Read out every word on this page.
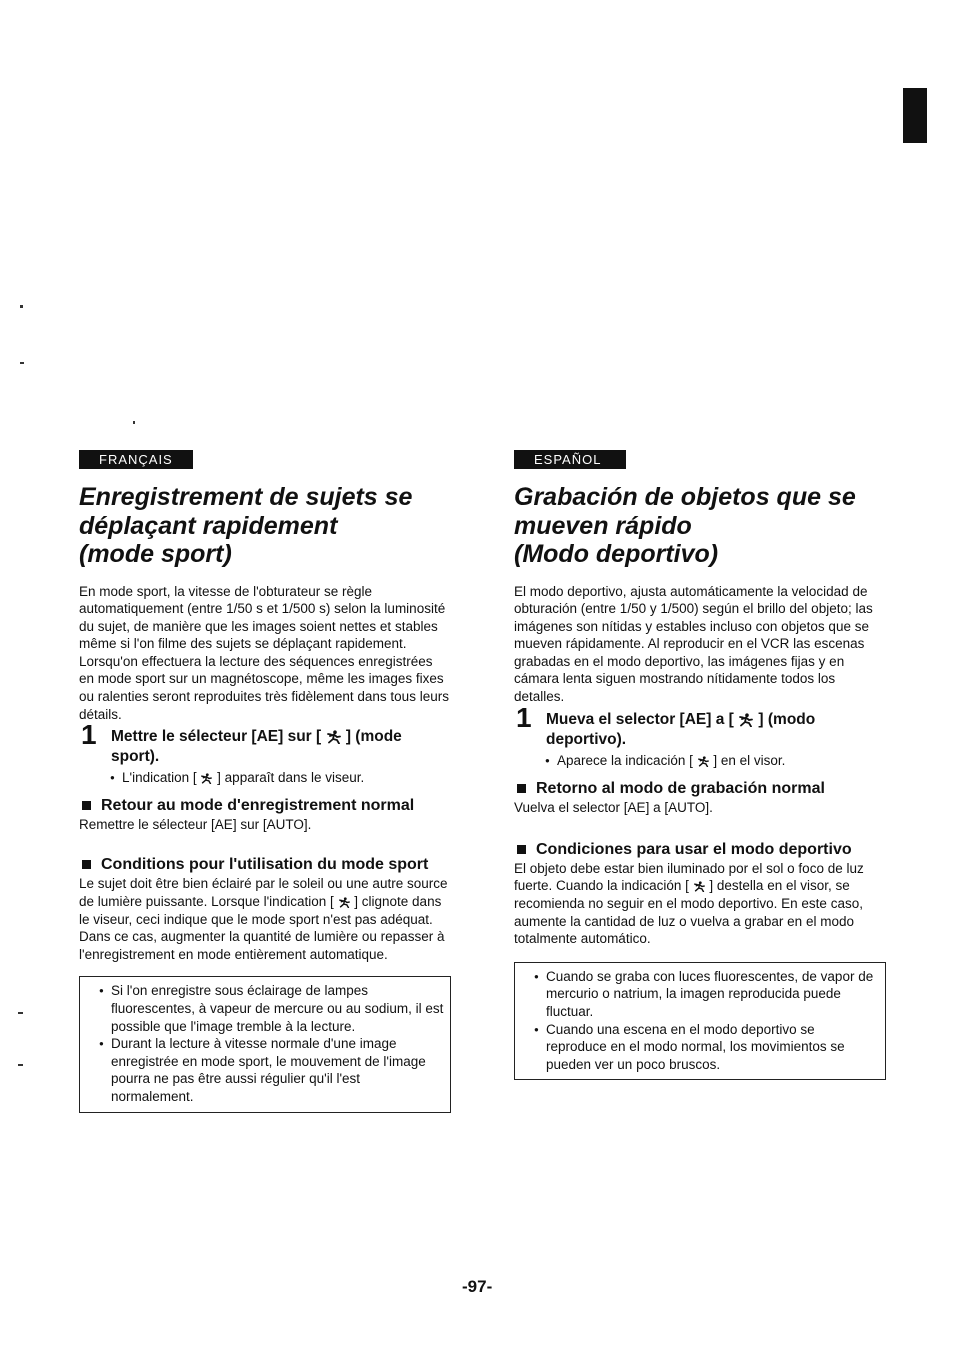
FRANÇAIS
Enregistrement de sujets se
déplaçant rapidement
(mode sport)

En mode sport, la vitesse de l'obturateur se règle automatiquement (entre 1/50 s et 1/500 s) selon la luminosité du sujet, de manière que les images soient nettes et stables même si l'on filme des sujets se déplaçant rapidement. Lorsqu'on effectuera la lecture des séquences enregistrées en mode sport sur un magnétoscope, même les images fixes ou ralenties seront reproduites très fidèlement dans tous leurs détails.

1 Mettre le sélecteur [AE] sur [ ] (mode sport).
● L'indication [ ] apparaît dans le viseur.
Retour au mode d'enregistrement normal

Remettre le sélecteur [AE] sur [AUTO].

Conditions pour l'utilisation du mode sport

Le sujet doit être bien éclairé par le soleil ou une autre source de lumière puissante. Lorsque l'indication [ ] clignote dans le viseur, ceci indique que le mode sport n'est pas adéquat. Dans ce cas, augmenter la quantité de lumière ou repasser à l'enregistrement en mode entièrement automatique.

● Si l'on enregistre sous éclairage de lampes fluorescentes, à vapeur de mercure ou au sodium, il est possible que l'image tremble à la lecture.
● Durant la lecture à vitesse normale d'une image enregistrée en mode sport, le mouvement de l'image pourra ne pas être aussi régulier qu'il l'est normalement.
ESPAÑOL
Grabación de objetos que se
mueven rápido
(Modo deportivo)

El modo deportivo, ajusta automáticamente la velocidad de obturación (entre 1/50 y 1/500) según el brillo del objeto; las imágenes son nítidas y estables incluso con objetos que se mueven rápidamente. Al reproducir en el VCR las escenas grabadas en el modo deportivo, las imágenes fijas y en cámara lenta siguen mostrando nítidamente todos los detalles.

1 Mueva el selector [AE] a [ ] (modo deportivo).
● Aparece la indicación [ ] en el visor.
Retorno al modo de grabación normal

Vuelva el selector [AE] a [AUTO].

Condiciones para usar el modo deportivo

El objeto debe estar bien iluminado por el sol o foco de luz fuerte. Cuando la indicación [ ] destella en el visor, se recomienda no seguir en el modo deportivo. En este caso, aumente la cantidad de luz o vuelva a grabar en el modo totalmente automático.

● Cuando se graba con luces fluorescentes, de vapor de mercurio o natrium, la imagen reproducida puede fluctuar.
● Cuando una escena en el modo deportivo se reproduce en el modo normal, los movimientos se pueden ver un poco bruscos.
-97-
